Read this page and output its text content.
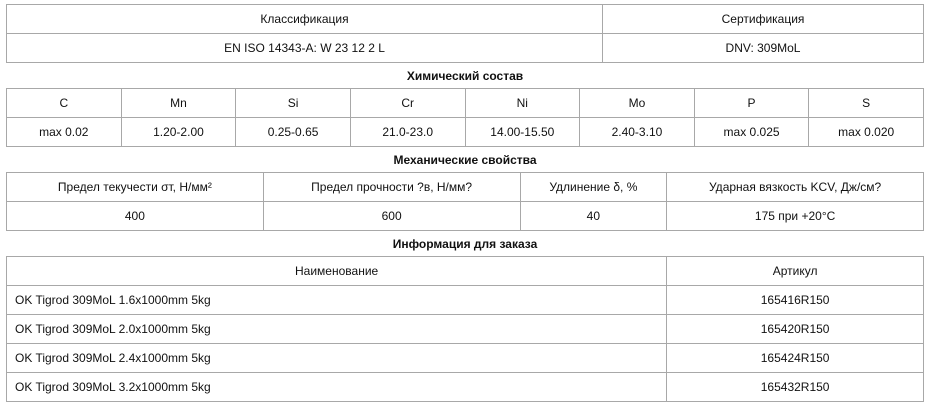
Классификация	Сертификация
EN ISO 14343-A: W 23 12 2 L	DNV: 309MoL
Химический состав
C	Mn	Si	Cr	Ni	Mo	P	S
max 0.02	1.20-2.00	0.25-0.65	21.0-23.0	14.00-15.50	2.40-3.10	max 0.025	max 0.020
Механические свойства
Предел текучести σт, Н/мм²	Предел прочности ?в, Н/мм?	Удлинение δ, %	Ударная вязкость KCV, Дж/см?
400	600	40	175 при +20°C
Информация для заказа
Наименование	Артикул
OK Tigrod 309MoL 1.6x1000mm 5kg	165416R150
OK Tigrod 309MoL 2.0x1000mm 5kg	165420R150
OK Tigrod 309MoL 2.4x1000mm 5kg	165424R150
OK Tigrod 309MoL 3.2x1000mm 5kg	165432R150
